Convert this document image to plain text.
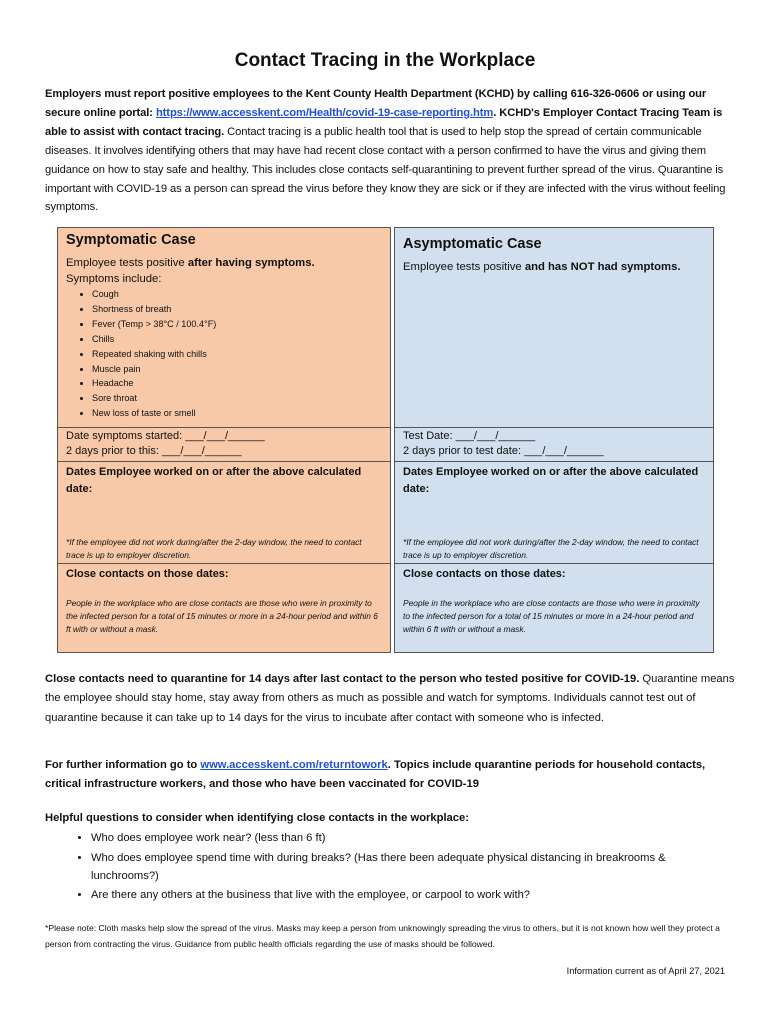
Contact Tracing in the Workplace
Employers must report positive employees to the Kent County Health Department (KCHD) by calling 616-326-0606 or using our secure online portal: https://www.accesskent.com/Health/covid-19-case-reporting.htm. KCHD's Employer Contact Tracing Team is able to assist with contact tracing. Contact tracing is a public health tool that is used to help stop the spread of certain communicable diseases. It involves identifying others that may have had recent close contact with a person confirmed to have the virus and giving them guidance on how to stay safe and healthy. This includes close contacts self-quarantining to prevent further spread of the virus. Quarantine is important with COVID-19 as a person can spread the virus before they know they are sick or if they are infected with the virus without feeling symptoms.
Symptomatic Case
Employee tests positive after having symptoms.
Symptoms include:
• Cough
• Shortness of breath
• Fever (Temp > 38°C / 100.4°F)
• Chills
• Repeated shaking with chills
• Muscle pain
• Headache
• Sore throat
• New loss of taste or smell
Date symptoms started: ___/___/______
2 days prior to this: ___/___/______
Dates Employee worked on or after the above calculated date:
*If the employee did not work during/after the 2-day window, the need to contact trace is up to employer discretion.
Close contacts on those dates:
People in the workplace who are close contacts are those who were in proximity to the infected person for a total of 15 minutes or more in a 24-hour period and within 6 ft with or without a mask.
Asymptomatic Case
Employee tests positive and has NOT had symptoms.
Test Date: ___/___/______
2 days prior to test date: ___/___/______
Dates Employee worked on or after the above calculated date:
*If the employee did not work during/after the 2-day window, the need to contact trace is up to employer discretion.
Close contacts on those dates:
People in the workplace who are close contacts are those who were in proximity to the infected person for a total of 15 minutes or more in a 24-hour period and within 6 ft with or without a mask.
Close contacts need to quarantine for 14 days after last contact to the person who tested positive for COVID-19. Quarantine means the employee should stay home, stay away from others as much as possible and watch for symptoms. Individuals cannot test out of quarantine because it can take up to 14 days for the virus to incubate after contact with someone who is infected.
For further information go to www.accesskent.com/returntowork. Topics include quarantine periods for household contacts, critical infrastructure workers, and those who have been vaccinated for COVID-19
Helpful questions to consider when identifying close contacts in the workplace:
• Who does employee work near? (less than 6 ft)
• Who does employee spend time with during breaks? (Has there been adequate physical distancing in breakrooms & lunchrooms?)
• Are there any others at the business that live with the employee, or carpool to work with?
*Please note: Cloth masks help slow the spread of the virus. Masks may keep a person from unknowingly spreading the virus to others, but it is not known how well they protect a person from contracting the virus. Guidance from public health officials regarding the use of masks should be followed.
Information current as of April 27, 2021
